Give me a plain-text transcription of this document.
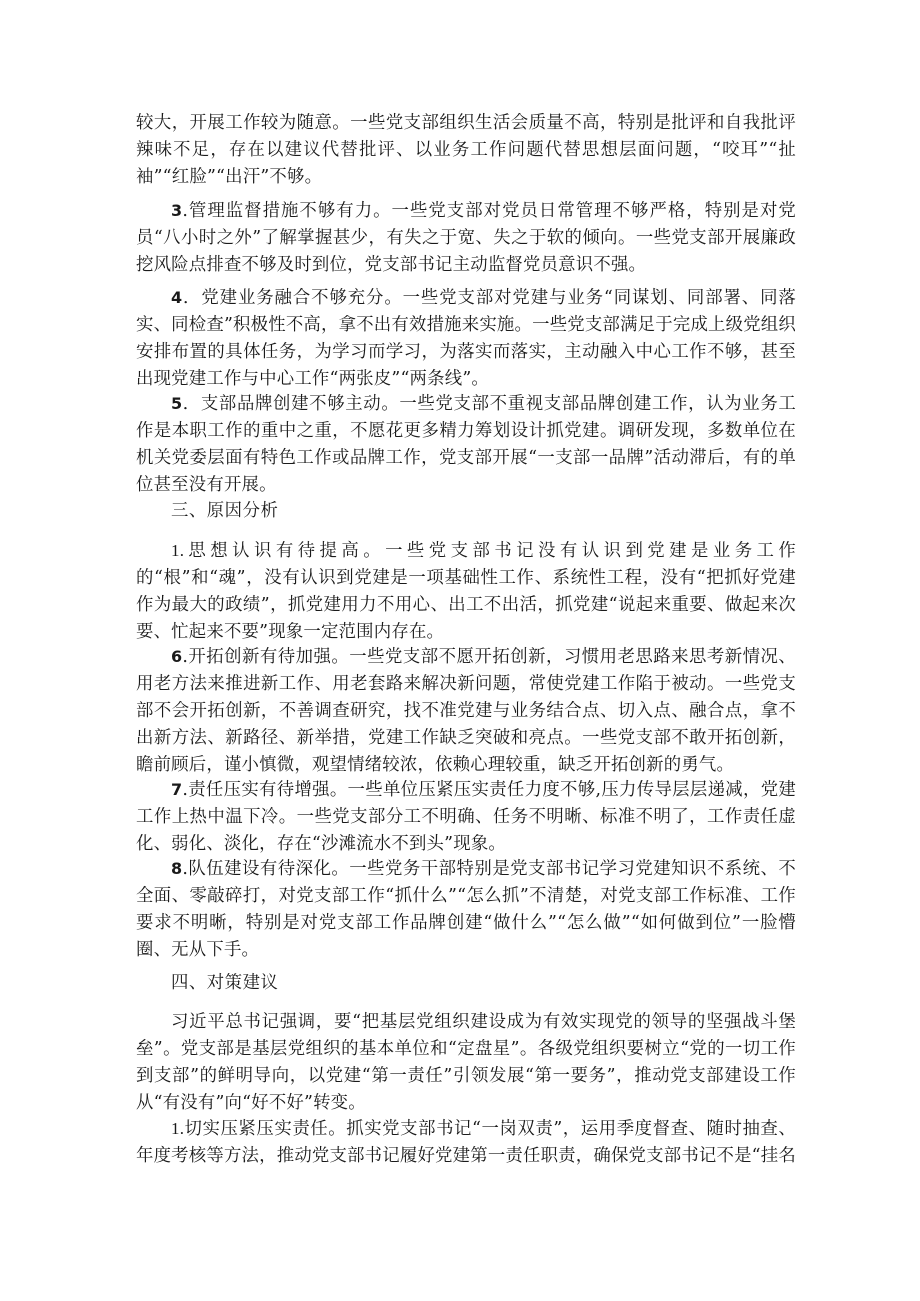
较大，开展工作较为随意。一些党支部组织生活会质量不高，特别是批评和自我批评辣味不足，存在以建议代替批评、以业务工作问题代替思想层面问题，“咬耳”“扯袖”“红脸”“出汗”不够。

3.管理监督措施不够有力。一些党支部对党员日常管理不够严格，特别是对党员“八小时之外”了解掌握甚少，有失之于宽、失之于软的倾向。一些党支部开展廉政挖风险点排查不够及时到位，党支部书记主动监督党员意识不强。

4．党建业务融合不够充分。一些党支部对党建与业务“同谋划、同部署、同落实、同检查”积极性不高，拿不出有效措施来实施。一些党支部满足于完成上级党组织安排布置的具体任务，为学习而学习，为落实而落实，主动融入中心工作不够，甚至出现党建工作与中心工作“两张皮”“两条线”。

5．支部品牌创建不够主动。一些党支部不重视支部品牌创建工作，认为业务工作是本职工作的重中之重，不愿花更多精力筹划设计抓党建。调研发现，多数单位在机关党委层面有特色工作或品牌工作，党支部开展“一支部一品牌”活动滞后，有的单位甚至没有开展。

三、原因分析

1.思想认识有待提高。一些党支部书记没有认识到党建是业务工作的“根”和“魂”，没有认识到党建是一项基础性工作、系统性工程，没有“把抓好党建作为最大的政绩”，抓党建用力不用心、出工不出活，抓党建“说起来重要、做起来次要、忙起来不要”现象一定范围内存在。

6.开拓创新有待加强。一些党支部不愿开拓创新，习惯用老思路来思考新情况、用老方法来推进新工作、用老套路来解决新问题，常使党建工作陷于被动。一些党支部不会开拓创新，不善调查研究，找不准党建与业务结合点、切入点、融合点，拿不出新方法、新路径、新举措，党建工作缺乏突破和亮点。一些党支部不敢开拓创新，瞻前顾后，谨小慎微，观望情绪较浓，依赖心理较重，缺乏开拓创新的勇气。

7.责任压实有待增强。一些单位压紧压实责任力度不够,压力传导层层递减，党建工作上热中温下冷。一些党支部分工不明确、任务不明晰、标准不明了，工作责任虚化、弱化、淡化，存在“沙滩流水不到头”现象。

8.队伍建设有待深化。一些党务干部特别是党支部书记学习党建知识不系统、不全面、零敲碎打，对党支部工作“抓什么”“怎么抓”不清楚，对党支部工作标准、工作要求不明晰，特别是对党支部工作品牌创建“做什么”“怎么做”“如何做到位”一脸懵圈、无从下手。

四、对策建议

习近平总书记强调，要“把基层党组织建设成为有效实现党的领导的坚强战斗堡垒”。党支部是基层党组织的基本单位和“定盘星”。各级党组织要树立“党的一切工作到支部”的鲜明导向，以党建“第一责任”引领发展“第一要务”，推动党支部建设工作从“有没有”向“好不好”转变。

1.切实压紧压实责任。抓实党支部书记“一岗双责”，运用季度督查、随时抽查、年度考核等方法，推动党支部书记履好党建第一责任职责，确保党支部书记不是“挂名
